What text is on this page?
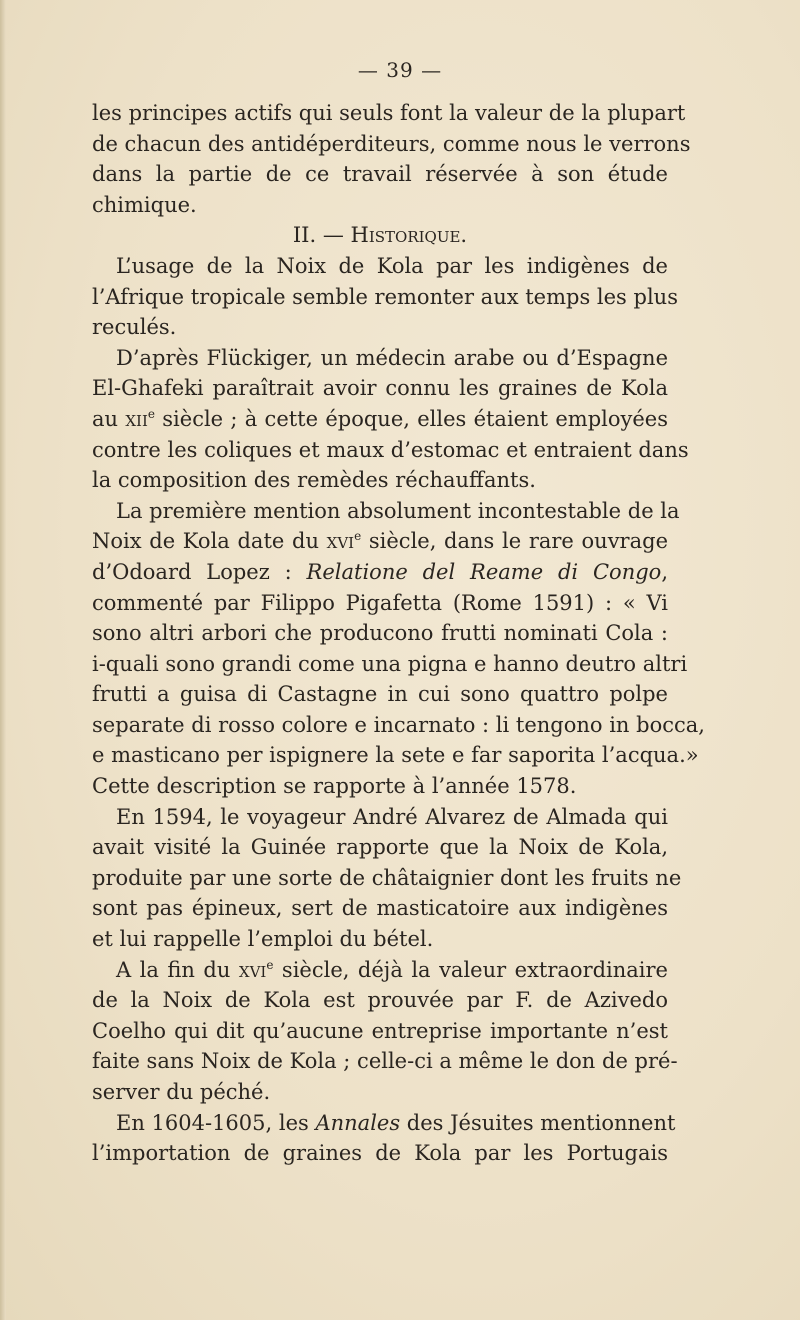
— 39 —
les principes actifs qui seuls font la valeur de la plupart
de chacun des antidéperditeurs, comme nous le verrons
dans la partie de ce travail réservée à son étude
chimique.
II. — Historique.
L’usage de la Noix de Kola par les indigènes de
l’Afrique tropicale semble remonter aux temps les plus
reculés.
D’après Flückiger, un médecin arabe ou d’Espagne
El-Ghafeki paraîtrait avoir connu les graines de Kola
au xii$^e$ siècle ; à cette époque, elles étaient employées
contre les coliques et maux d’estomac et entraient dans
la composition des remèdes réchauffants.
La première mention absolument incontestable de la
Noix de Kola date du xvi$^e$ siècle, dans le rare ouvrage
d’Odoard Lopez : Relatione del Reame di Congo,
commenté par Filippo Pigafetta (Rome 1591) : « Vi
sono altri arbori che producono frutti nominati Cola :
i-quali sono grandi come una pigna e hanno deutro altri
frutti a guisa di Castagne in cui sono quattro polpe
separate di rosso colore e incarnato : li tengono in bocca,
e masticano per ispignere la sete e far saporita l’acqua.»
Cette description se rapporte à l’année 1578.
En 1594, le voyageur André Alvarez de Almada qui
avait visité la Guinée rapporte que la Noix de Kola,
produite par une sorte de châtaignier dont les fruits ne
sont pas épineux, sert de masticatoire aux indigènes
et lui rappelle l’emploi du bétel.
A la fin du xvi$^e$ siècle, déjà la valeur extraordinaire
de la Noix de Kola est prouvée par F. de Azivedo
Coelho qui dit qu’aucune entreprise importante n’est
faite sans Noix de Kola ; celle-ci a même le don de pré-
server du péché.
En 1604-1605, les Annales des Jésuites mentionnent
l’importation de graines de Kola par les Portugais
